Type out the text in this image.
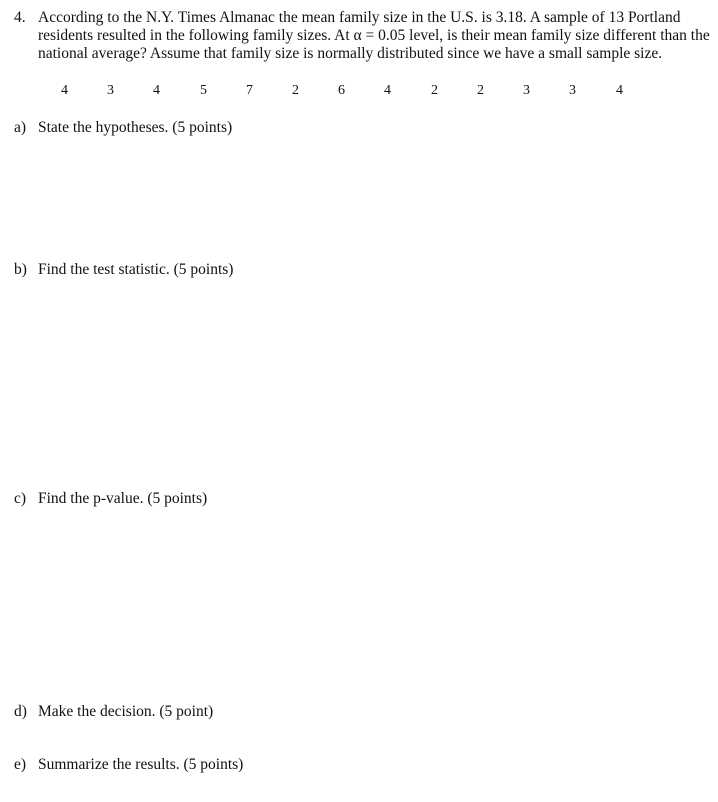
4. According to the N.Y. Times Almanac the mean family size in the U.S. is 3.18. A sample of 13 Portland
residents resulted in the following family sizes. At α = 0.05 level, is their mean family size different than the
national average? Assume that family size is normally distributed since we have a small sample size.
4	3	4	5	7	2	6	4	2	2	3	3	4
a) State the hypotheses. (5 points)
b) Find the test statistic. (5 points)
c) Find the p-value. (5 points)
d) Make the decision. (5 point)
e) Summarize the results. (5 points)
